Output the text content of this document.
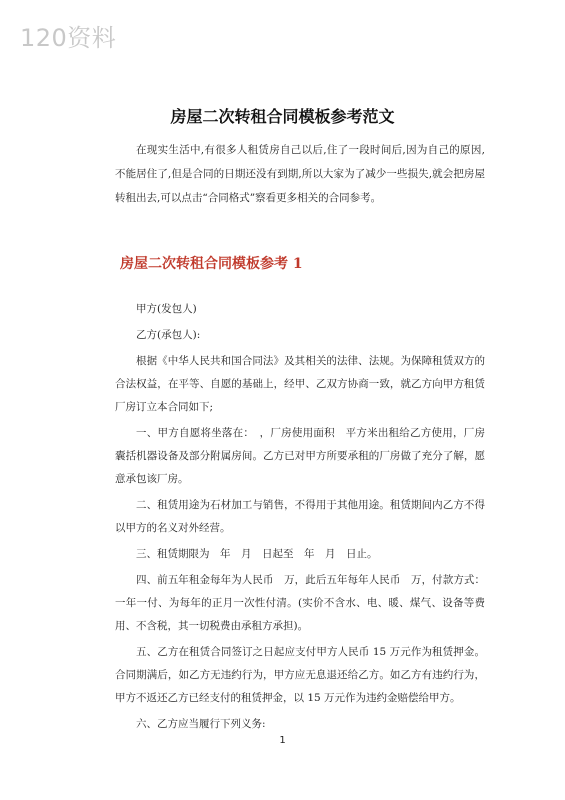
120资料
房屋二次转租合同模板参考范文

在现实生活中,有很多人租赁房自己以后,住了一段时间后,因为自己的原因,不能居住了,但是合同的日期还没有到期,所以大家为了减少一些损失,就会把房屋转租出去,可以点击“合同格式”察看更多相关的合同参考。

房屋二次转租合同模板参考 1

甲方(发包人)

乙方(承包人):

根据《中华人民共和国合同法》及其相关的法律、法规。为保障租赁双方的合法权益，在平等、自愿的基础上，经甲、乙双方协商一致，就乙方向甲方租赁厂房订立本合同如下;

一、甲方自愿将坐落在：　，厂房使用面积　平方米出租给乙方使用，厂房囊括机器设备及部分附属房间。乙方已对甲方所要承租的厂房做了充分了解，愿意承包该厂房。

二、租赁用途为石材加工与销售，不得用于其他用途。租赁期间内乙方不得以甲方的名义对外经营。

三、租赁期限为　年　月　日起至　年　月　日止。

四、前五年租金每年为人民币　万，此后五年每年人民币　万，付款方式：一年一付、为每年的正月一次性付清。(实价不含水、电、暖、煤气、设备等费用、不含税，其一切税费由承租方承担)。

五、乙方在租赁合同签订之日起应支付甲方人民币 15 万元作为租赁押金。合同期满后，如乙方无违约行为，甲方应无息退还给乙方。如乙方有违约行为，甲方不返还乙方已经支付的租赁押金，以 15 万元作为违约金赔偿给甲方。

六、乙方应当履行下列义务:

1
